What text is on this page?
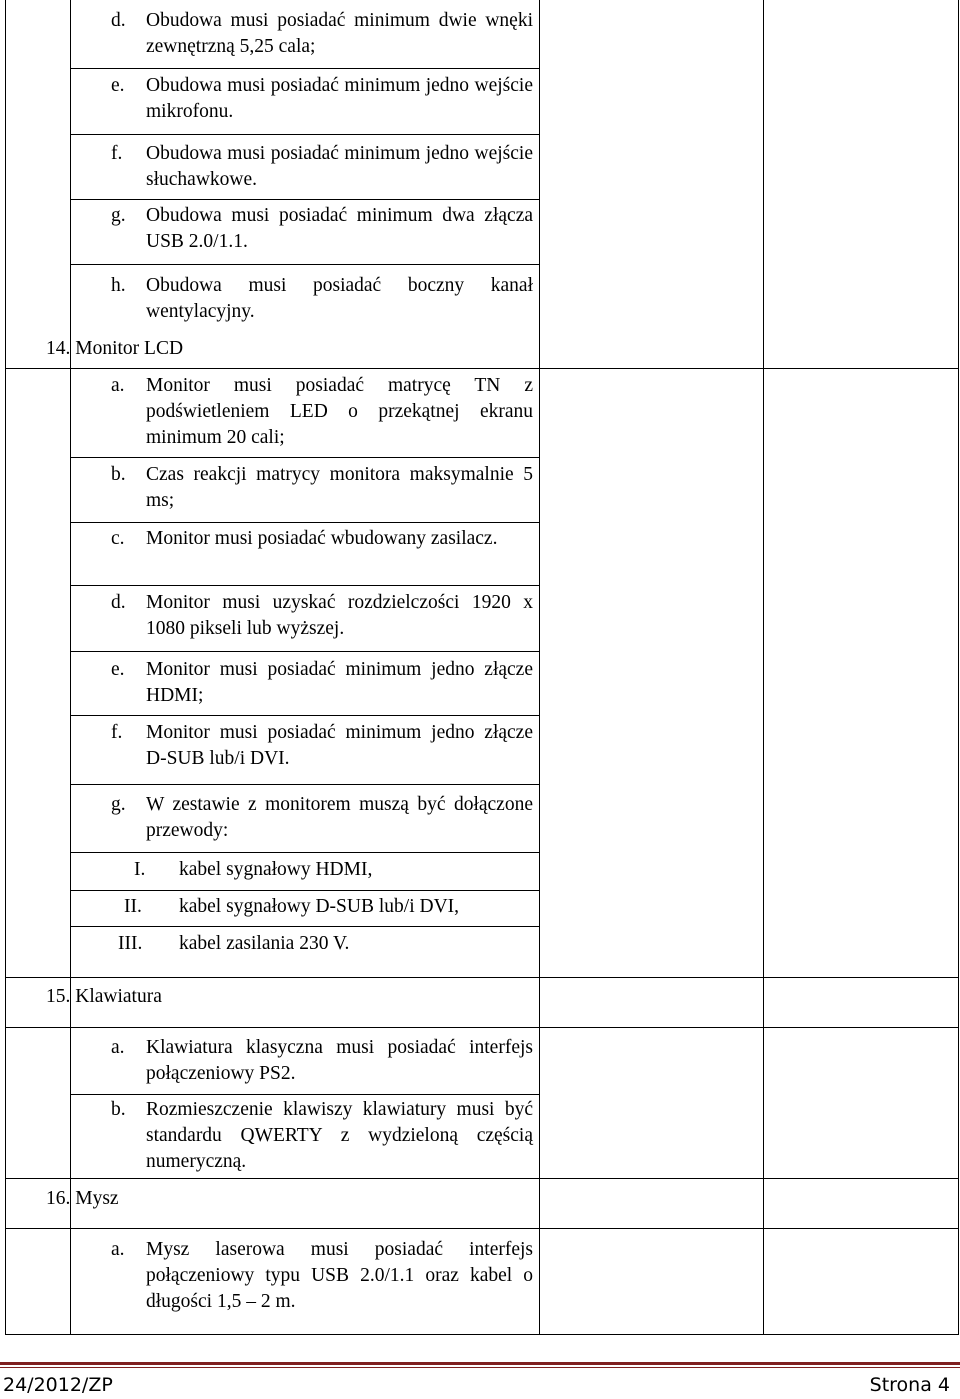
d. Obudowa musi posiadać minimum dwie wnęki zewnętrzną 5,25 cala;
e. Obudowa musi posiadać minimum jedno wejście mikrofonu.
f. Obudowa musi posiadać minimum jedno wejście słuchawkowe.
g. Obudowa musi posiadać minimum dwa złącza USB 2.0/1.1.
h. Obudowa musi posiadać boczny kanał wentylacyjny.
14. Monitor LCD
a. Monitor musi posiadać matrycę TN z podświetleniem LED o przekątnej ekranu minimum 20 cali;
b. Czas reakcji matrycy monitora maksymalnie 5 ms;
c. Monitor musi posiadać wbudowany zasilacz.
d. Monitor musi uzyskać rozdzielczości 1920 x 1080 pikseli lub wyższej.
e. Monitor musi posiadać minimum jedno złącze HDMI;
f. Monitor musi posiadać minimum jedno złącze D-SUB lub/i DVI.
g. W zestawie z monitorem muszą być dołączone przewody:
I. kabel sygnałowy HDMI,
II. kabel sygnałowy D-SUB lub/i DVI,
III. kabel zasilania 230 V.
15. Klawiatura
a. Klawiatura klasyczna musi posiadać interfejs połączeniowy PS2.
b. Rozmieszczenie klawiszy klawiatury musi być standardu QWERTY z wydzieloną częścią numeryczną.
16. Mysz
a. Mysz laserowa musi posiadać interfejs połączeniowy typu USB 2.0/1.1 oraz kabel o długości 1,5 – 2 m.
24/2012/ZP	Strona 4
